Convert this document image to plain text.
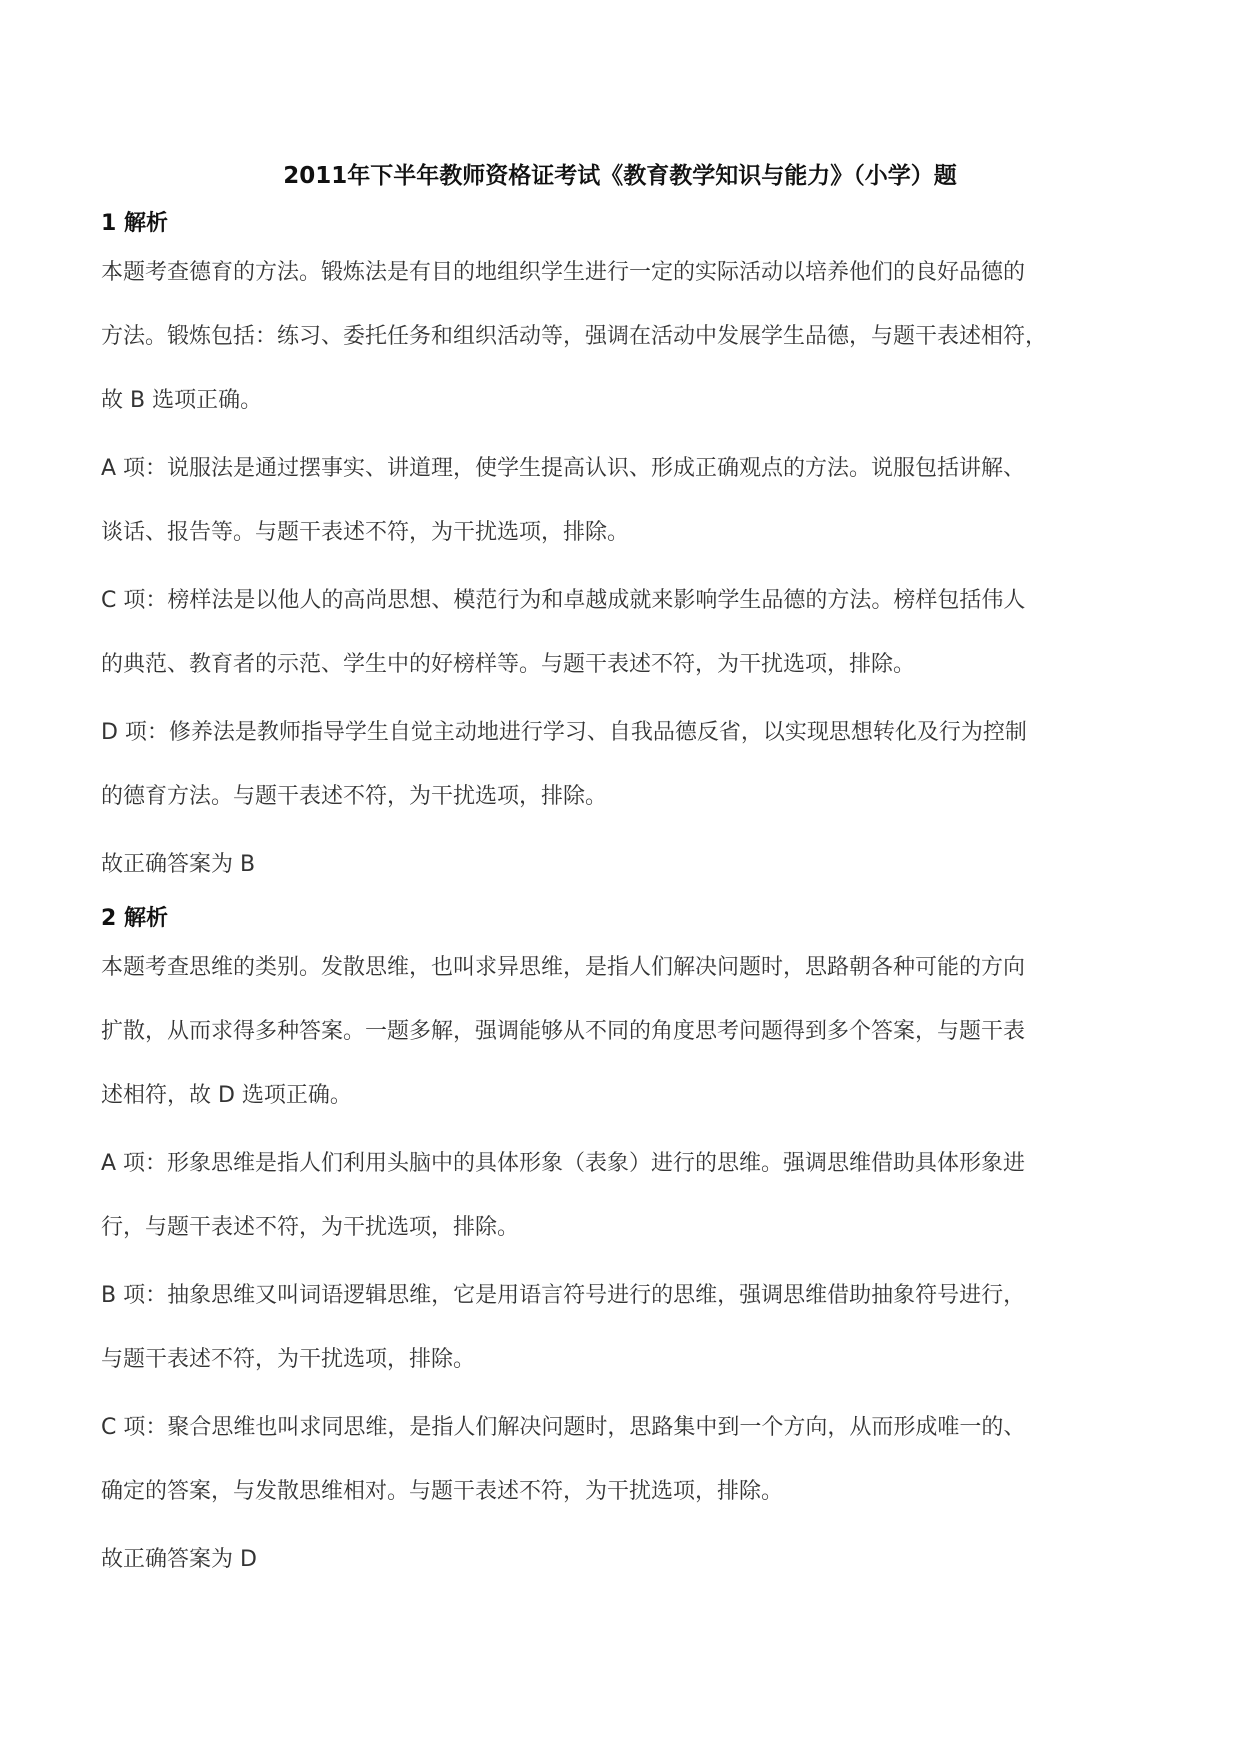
2011年下半年教师资格证考试《教育教学知识与能力》（小学）题
1 解析
本题考查德育的方法。锻炼法是有目的地组织学生进行一定的实际活动以培养他们的良好品德的
方法。锻炼包括：练习、委托任务和组织活动等，强调在活动中发展学生品德，与题干表述相符，
故 B 选项正确。
A 项：说服法是通过摆事实、讲道理，使学生提高认识、形成正确观点的方法。说服包括讲解、
谈话、报告等。与题干表述不符，为干扰选项，排除。
C 项：榜样法是以他人的高尚思想、模范行为和卓越成就来影响学生品德的方法。榜样包括伟人
的典范、教育者的示范、学生中的好榜样等。与题干表述不符，为干扰选项，排除。
D 项：修养法是教师指导学生自觉主动地进行学习、自我品德反省，以实现思想转化及行为控制
的德育方法。与题干表述不符，为干扰选项，排除。
故正确答案为 B
2 解析
本题考查思维的类别。发散思维，也叫求异思维，是指人们解决问题时，思路朝各种可能的方向
扩散，从而求得多种答案。一题多解，强调能够从不同的角度思考问题得到多个答案，与题干表
述相符，故 D 选项正确。
A 项：形象思维是指人们利用头脑中的具体形象（表象）进行的思维。强调思维借助具体形象进
行，与题干表述不符，为干扰选项，排除。
B 项：抽象思维又叫词语逻辑思维，它是用语言符号进行的思维，强调思维借助抽象符号进行，
与题干表述不符，为干扰选项，排除。
C 项：聚合思维也叫求同思维，是指人们解决问题时，思路集中到一个方向，从而形成唯一的、
确定的答案，与发散思维相对。与题干表述不符，为干扰选项，排除。
故正确答案为 D
